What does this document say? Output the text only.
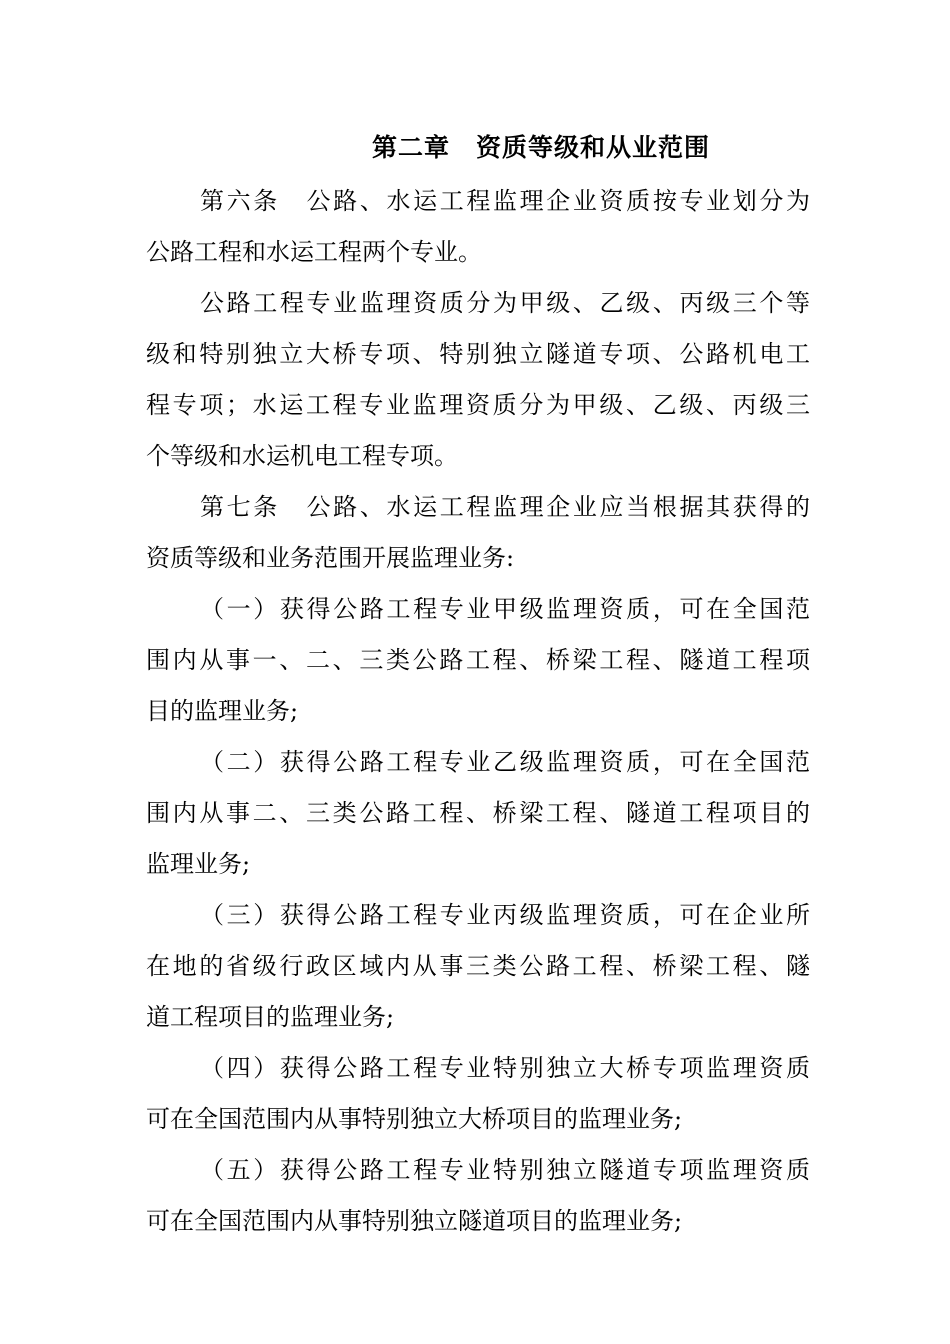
第二章　资质等级和从业范围
第六条　公路、水运工程监理企业资质按专业划分为
公路工程和水运工程两个专业。
公路工程专业监理资质分为甲级、乙级、丙级三个等
级和特别独立大桥专项、特别独立隧道专项、公路机电工
程专项；水运工程专业监理资质分为甲级、乙级、丙级三
个等级和水运机电工程专项。
第七条　公路、水运工程监理企业应当根据其获得的
资质等级和业务范围开展监理业务:
（一）获得公路工程专业甲级监理资质，可在全国范
围内从事一、二、三类公路工程、桥梁工程、隧道工程项
目的监理业务;
（二）获得公路工程专业乙级监理资质，可在全国范
围内从事二、三类公路工程、桥梁工程、隧道工程项目的
监理业务;
（三）获得公路工程专业丙级监理资质，可在企业所
在地的省级行政区域内从事三类公路工程、桥梁工程、隧
道工程项目的监理业务;
（四）获得公路工程专业特别独立大桥专项监理资质
可在全国范围内从事特别独立大桥项目的监理业务;
（五）获得公路工程专业特别独立隧道专项监理资质
可在全国范围内从事特别独立隧道项目的监理业务;
